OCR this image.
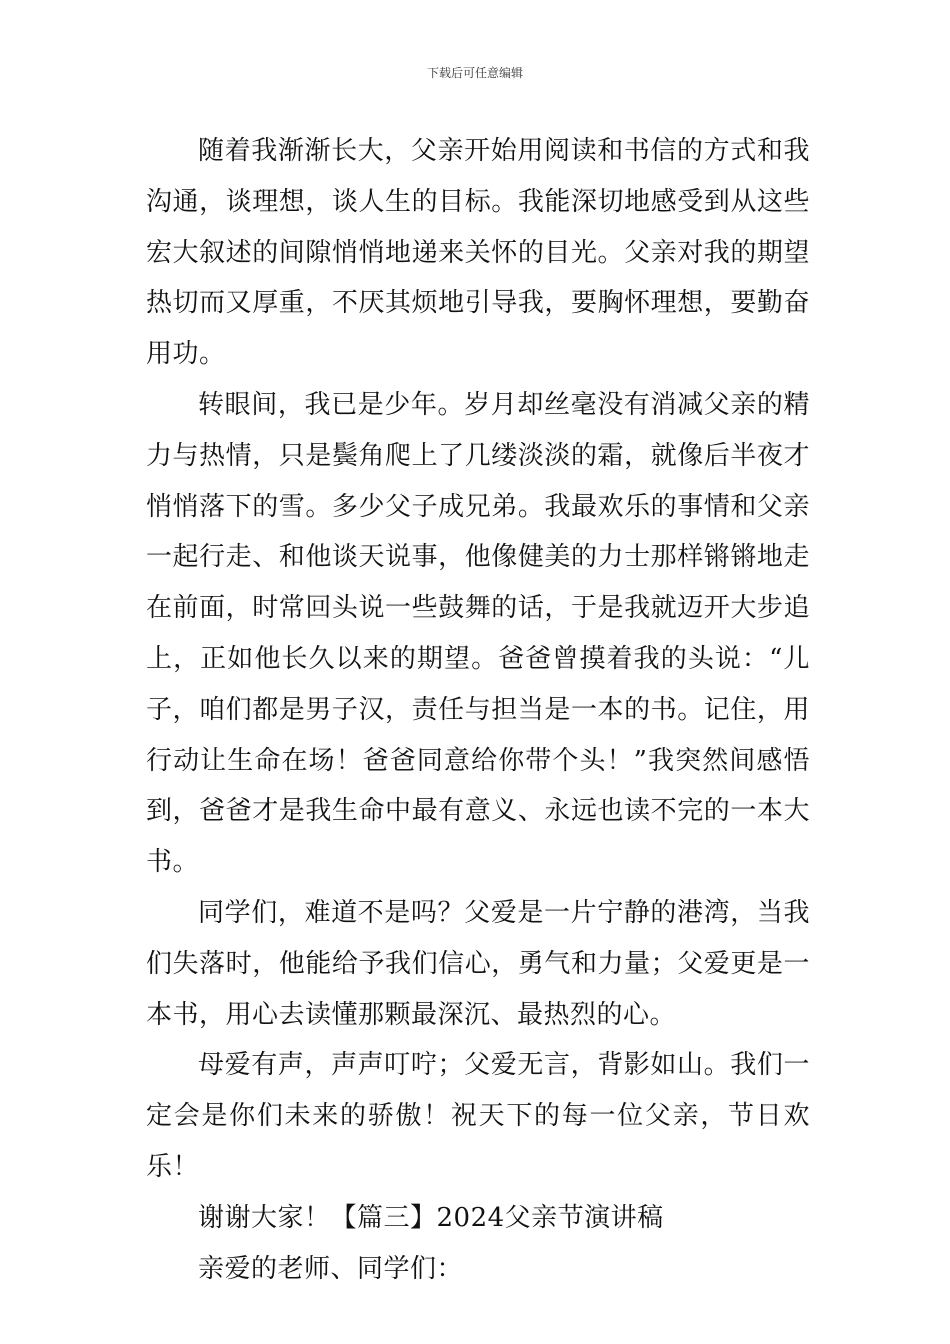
下载后可任意编辑

随着我渐渐长大，父亲开始用阅读和书信的方式和我沟通，谈理想，谈人生的目标。我能深切地感受到从这些宏大叙述的间隙悄悄地递来关怀的目光。父亲对我的期望热切而又厚重，不厌其烦地引导我，要胸怀理想，要勤奋用功。

转眼间，我已是少年。岁月却丝毫没有消减父亲的精力与热情，只是鬓角爬上了几缕淡淡的霜，就像后半夜才悄悄落下的雪。多少父子成兄弟。我最欢乐的事情和父亲一起行走、和他谈天说事，他像健美的力士那样锵锵地走在前面，时常回头说一些鼓舞的话，于是我就迈开大步追上，正如他长久以来的期望。爸爸曾摸着我的头说：“儿子，咱们都是男子汉，责任与担当是一本的书。记住，用行动让生命在场！爸爸同意给你带个头！”我突然间感悟到，爸爸才是我生命中最有意义、永远也读不完的一本大书。

同学们，难道不是吗？父爱是一片宁静的港湾，当我们失落时，他能给予我们信心，勇气和力量；父爱更是一本书，用心去读懂那颗最深沉、最热烈的心。

母爱有声，声声叮咛；父爱无言，背影如山。我们一定会是你们未来的骄傲！祝天下的每一位父亲，节日欢乐！

谢谢大家！【篇三】2024父亲节演讲稿

亲爱的老师、同学们：
